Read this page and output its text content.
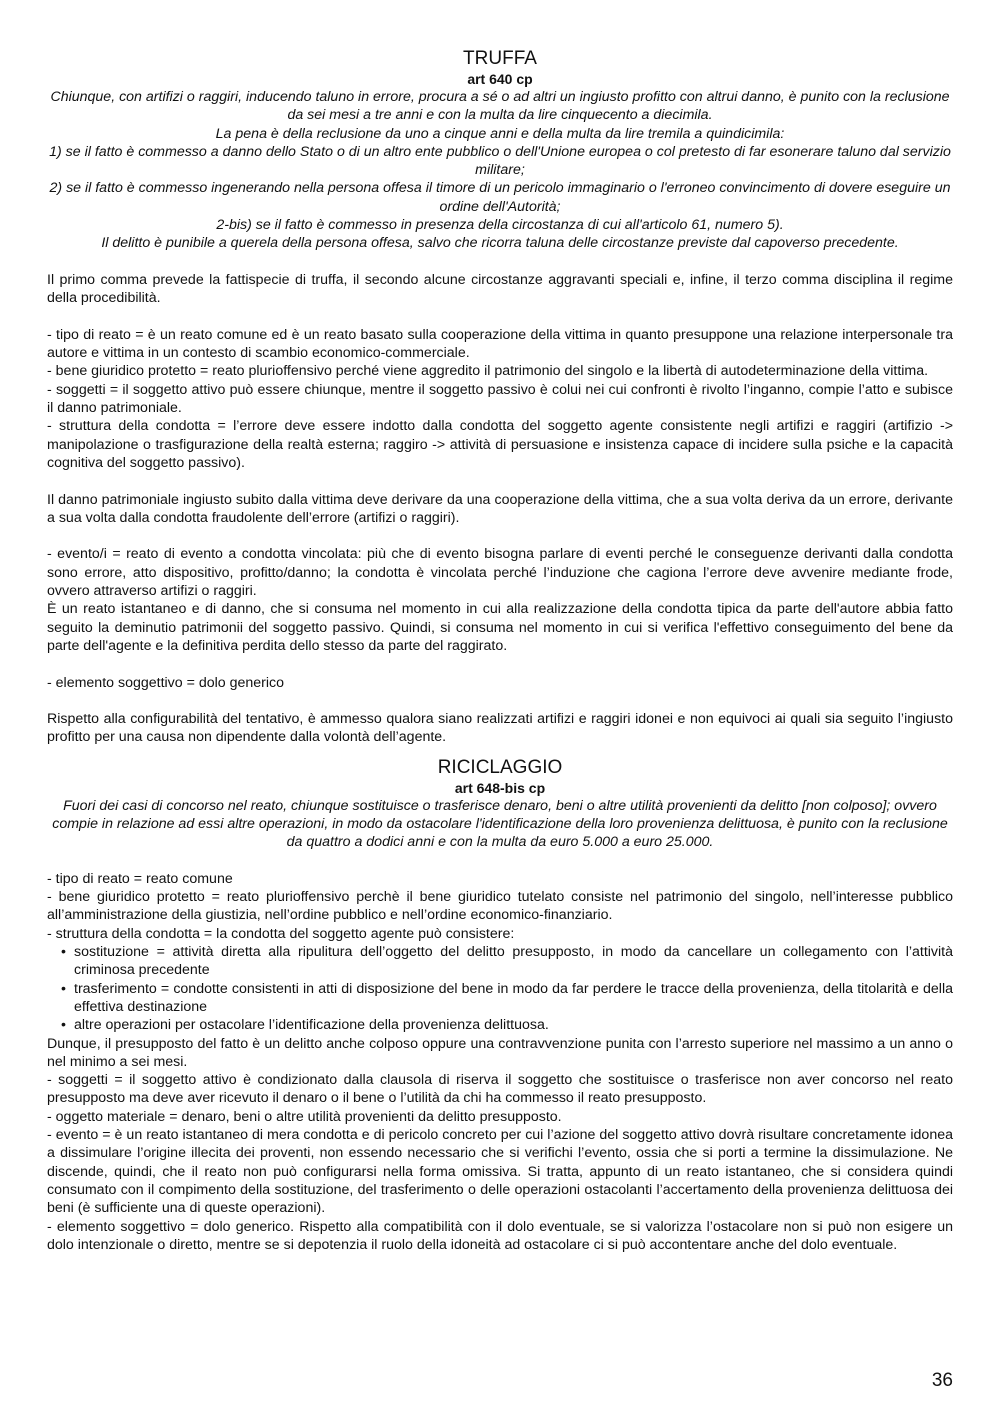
TRUFFA
art 640 cp

Chiunque, con artifizi o raggiri, inducendo taluno in errore, procura a sé o ad altri un ingiusto profitto con altrui danno, è punito con la reclusione da sei mesi a tre anni e con la multa da lire cinquecento a diecimila.

La pena è della reclusione da uno a cinque anni e della multa da lire tremila a quindicimila:

1) se il fatto è commesso a danno dello Stato o di un altro ente pubblico o dell'Unione europea o col pretesto di far esonerare taluno dal servizio militare;

2) se il fatto è commesso ingenerando nella persona offesa il timore di un pericolo immaginario o l'erroneo convincimento di dovere eseguire un ordine dell'Autorità;

2-bis) se il fatto è commesso in presenza della circostanza di cui all'articolo 61, numero 5).

Il delitto è punibile a querela della persona offesa, salvo che ricorra taluna delle circostanze previste dal capoverso precedente.

Il primo comma prevede la fattispecie di truffa, il secondo alcune circostanze aggravanti speciali e, infine, il terzo comma disciplina il regime della procedibilità.

- tipo di reato = è un reato comune ed è un reato basato sulla cooperazione della vittima in quanto presuppone una relazione interpersonale tra autore e vittima in un contesto di scambio economico-commerciale.

- bene giuridico protetto = reato plurioffensivo perché viene aggredito il patrimonio del singolo e la libertà di autodeterminazione della vittima.

- soggetti = il soggetto attivo può essere chiunque, mentre il soggetto passivo è colui nei cui confronti è rivolto l’inganno, compie l’atto e subisce il danno patrimoniale.

- struttura della condotta = l’errore deve essere indotto dalla condotta del soggetto agente consistente negli artifizi e raggiri (artifizio -> manipolazione o trasfigurazione della realtà esterna; raggiro -> attività di persuasione e insistenza capace di incidere sulla psiche e la capacità cognitiva del soggetto passivo).

Il danno patrimoniale ingiusto subito dalla vittima deve derivare da una cooperazione della vittima, che a sua volta deriva da un errore, derivante a sua volta dalla condotta fraudolente dell’errore (artifizi o raggiri).

- evento/i = reato di evento a condotta vincolata: più che di evento bisogna parlare di eventi perché le conseguenze derivanti dalla condotta sono errore, atto dispositivo, profitto/danno; la condotta è vincolata perché l’induzione che cagiona l’errore deve avvenire mediante frode, ovvero attraverso artifizi o raggiri.

È un reato istantaneo e di danno, che si consuma nel momento in cui alla realizzazione della condotta tipica da parte dell'autore abbia fatto seguito la deminutio patrimonii del soggetto passivo. Quindi, si consuma nel momento in cui si verifica l'effettivo conseguimento del bene da parte dell'agente e la definitiva perdita dello stesso da parte del raggirato.

- elemento soggettivo = dolo generico

Rispetto alla configurabilità del tentativo, è ammesso qualora siano realizzati artifizi e raggiri idonei e non equivoci ai quali sia seguito l’ingiusto profitto per una causa non dipendente dalla volontà dell’agente.

RICICLAGGIO
art 648-bis cp

Fuori dei casi di concorso nel reato, chiunque sostituisce o trasferisce denaro, beni o altre utilità provenienti da delitto [non colposo]; ovvero compie in relazione ad essi altre operazioni, in modo da ostacolare l'identificazione della loro provenienza delittuosa, è punito con la reclusione da quattro a dodici anni e con la multa da euro 5.000 a euro 25.000.

- tipo di reato = reato comune

- bene giuridico protetto = reato plurioffensivo perchè il bene giuridico tutelato consiste nel patrimonio del singolo, nell’interesse pubblico all’amministrazione della giustizia, nell’ordine pubblico e nell’ordine economico-finanziario.

- struttura della condotta = la condotta del soggetto agente può consistere:

• sostituzione = attività diretta alla ripulitura dell’oggetto del delitto presupposto, in modo da cancellare un collegamento con l’attività criminosa precedente
• trasferimento = condotte consistenti in atti di disposizione del bene in modo da far perdere le tracce della provenienza, della titolarità e della effettiva destinazione
• altre operazioni per ostacolare l’identificazione della provenienza delittuosa.

Dunque, il presupposto del fatto è un delitto anche colposo oppure una contravvenzione punita con l’arresto superiore nel massimo a un anno o nel minimo a sei mesi.

- soggetti = il soggetto attivo è condizionato dalla clausola di riserva il soggetto che sostituisce o trasferisce non aver concorso nel reato presupposto ma deve aver ricevuto il denaro o il bene o l’utilità da chi ha commesso il reato presupposto.

- oggetto materiale = denaro, beni o altre utilità provenienti da delitto presupposto.

- evento = è un reato istantaneo di mera condotta e di pericolo concreto per cui l’azione del soggetto attivo dovrà risultare concretamente idonea a dissimulare l’origine illecita dei proventi, non essendo necessario che si verifichi l’evento, ossia che si porti a termine la dissimulazione. Ne discende, quindi, che il reato non può configurarsi nella forma omissiva. Si tratta, appunto di un reato istantaneo, che si considera quindi consumato con il compimento della sostituzione, del trasferimento o delle operazioni ostacolanti l’accertamento della provenienza delittuosa dei beni (è sufficiente una di queste operazioni).

- elemento soggettivo = dolo generico. Rispetto alla compatibilità con il dolo eventuale, se si valorizza l’ostacolare non si può non esigere un dolo intenzionale o diretto, mentre se si depotenzia il ruolo della idoneità ad ostacolare ci si può accontentare anche del dolo eventuale.

36
